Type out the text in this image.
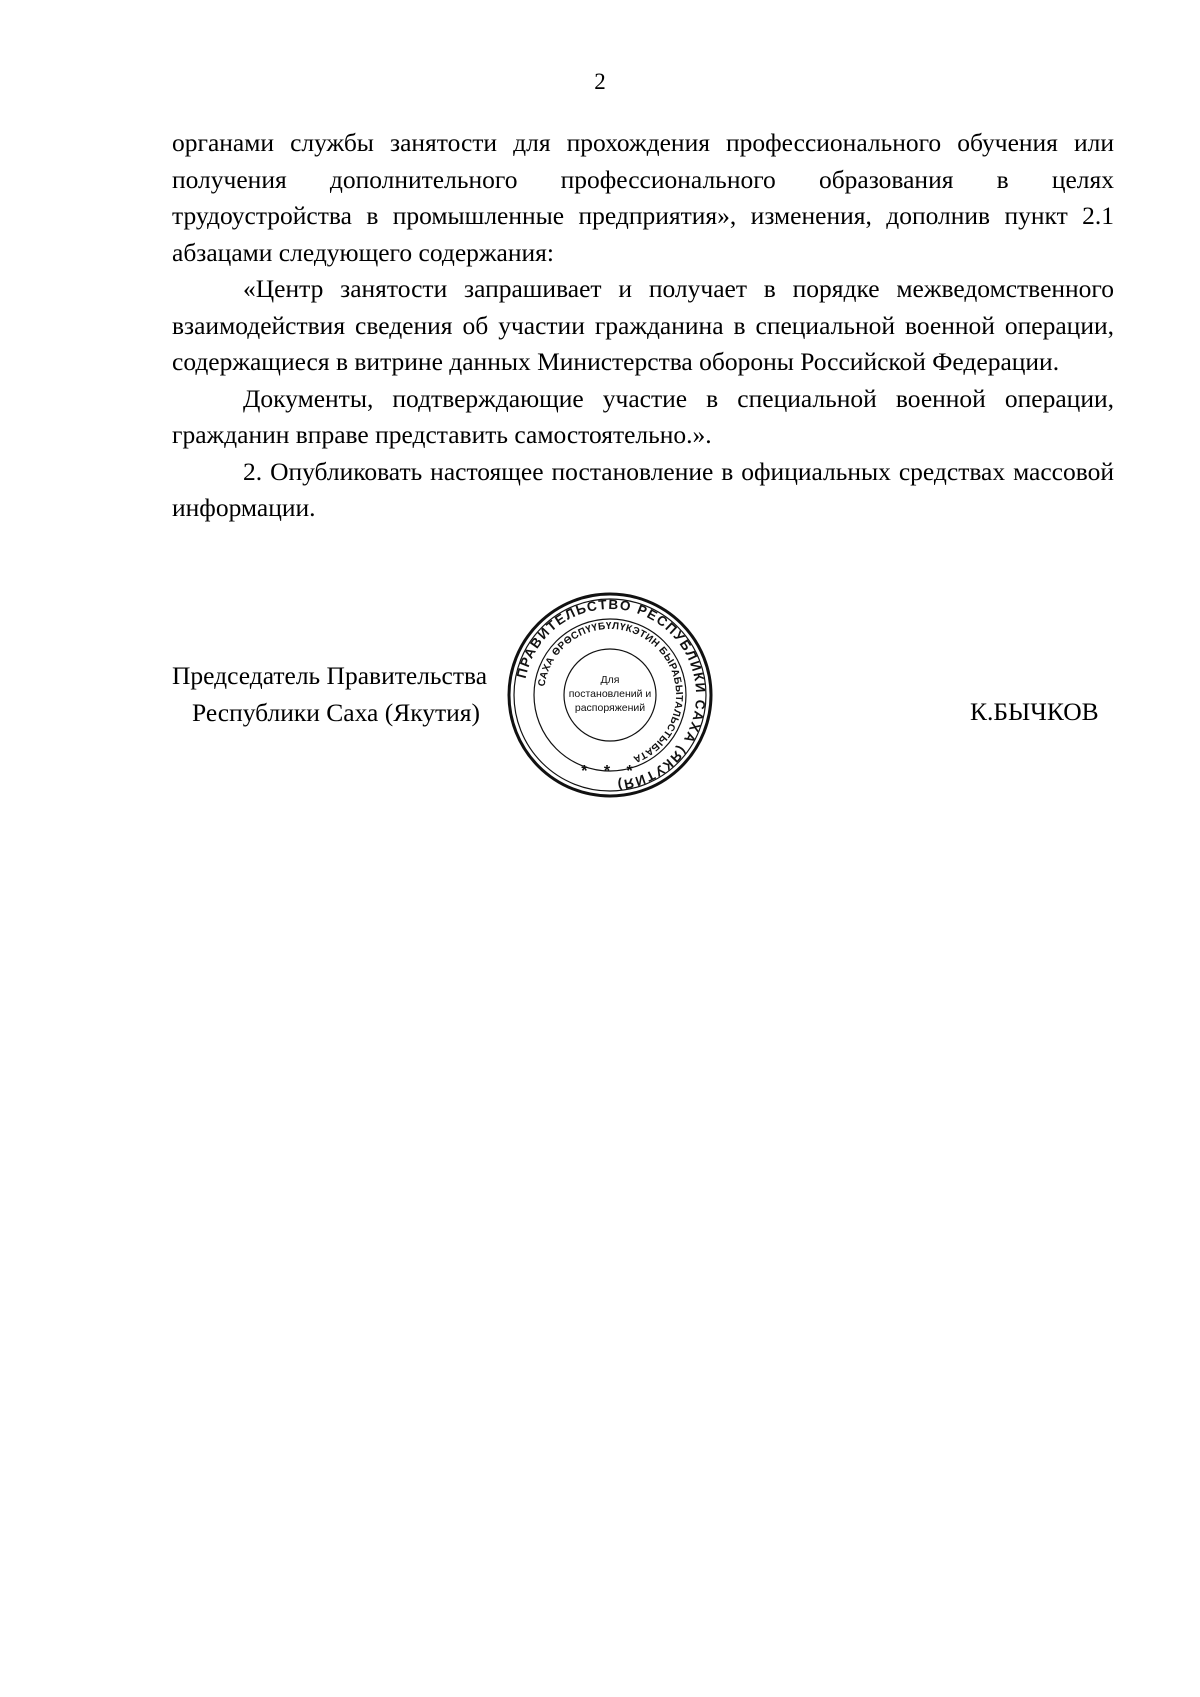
2

органами службы занятости для прохождения профессионального обучения или получения дополнительного профессионального образования в целях трудоустройства в промышленные предприятия», изменения, дополнив пункт 2.1 абзацами следующего содержания:

«Центр занятости запрашивает и получает в порядке межведомственного взаимодействия сведения об участии гражданина в специальной военной операции, содержащиеся в витрине данных Министерства обороны Российской Федерации.

Документы, подтверждающие участие в специальной военной операции, гражданин вправе представить самостоятельно.».

2. Опубликовать настоящее постановление в официальных средствах массовой информации.

Председатель Правительства
Республики Саха (Якутия)	К.БЫЧКОВ
ПРАВИТЕЛЬСТВО РЕСПУБЛИКИ САХА (ЯКУТИЯ)
САХА ӨРӨСПҮҮБҮЛҮКЭТИН БЫРАБЫТАЛЬСТЫБАТА
Для
постановлений и
распоряжений
* * *
